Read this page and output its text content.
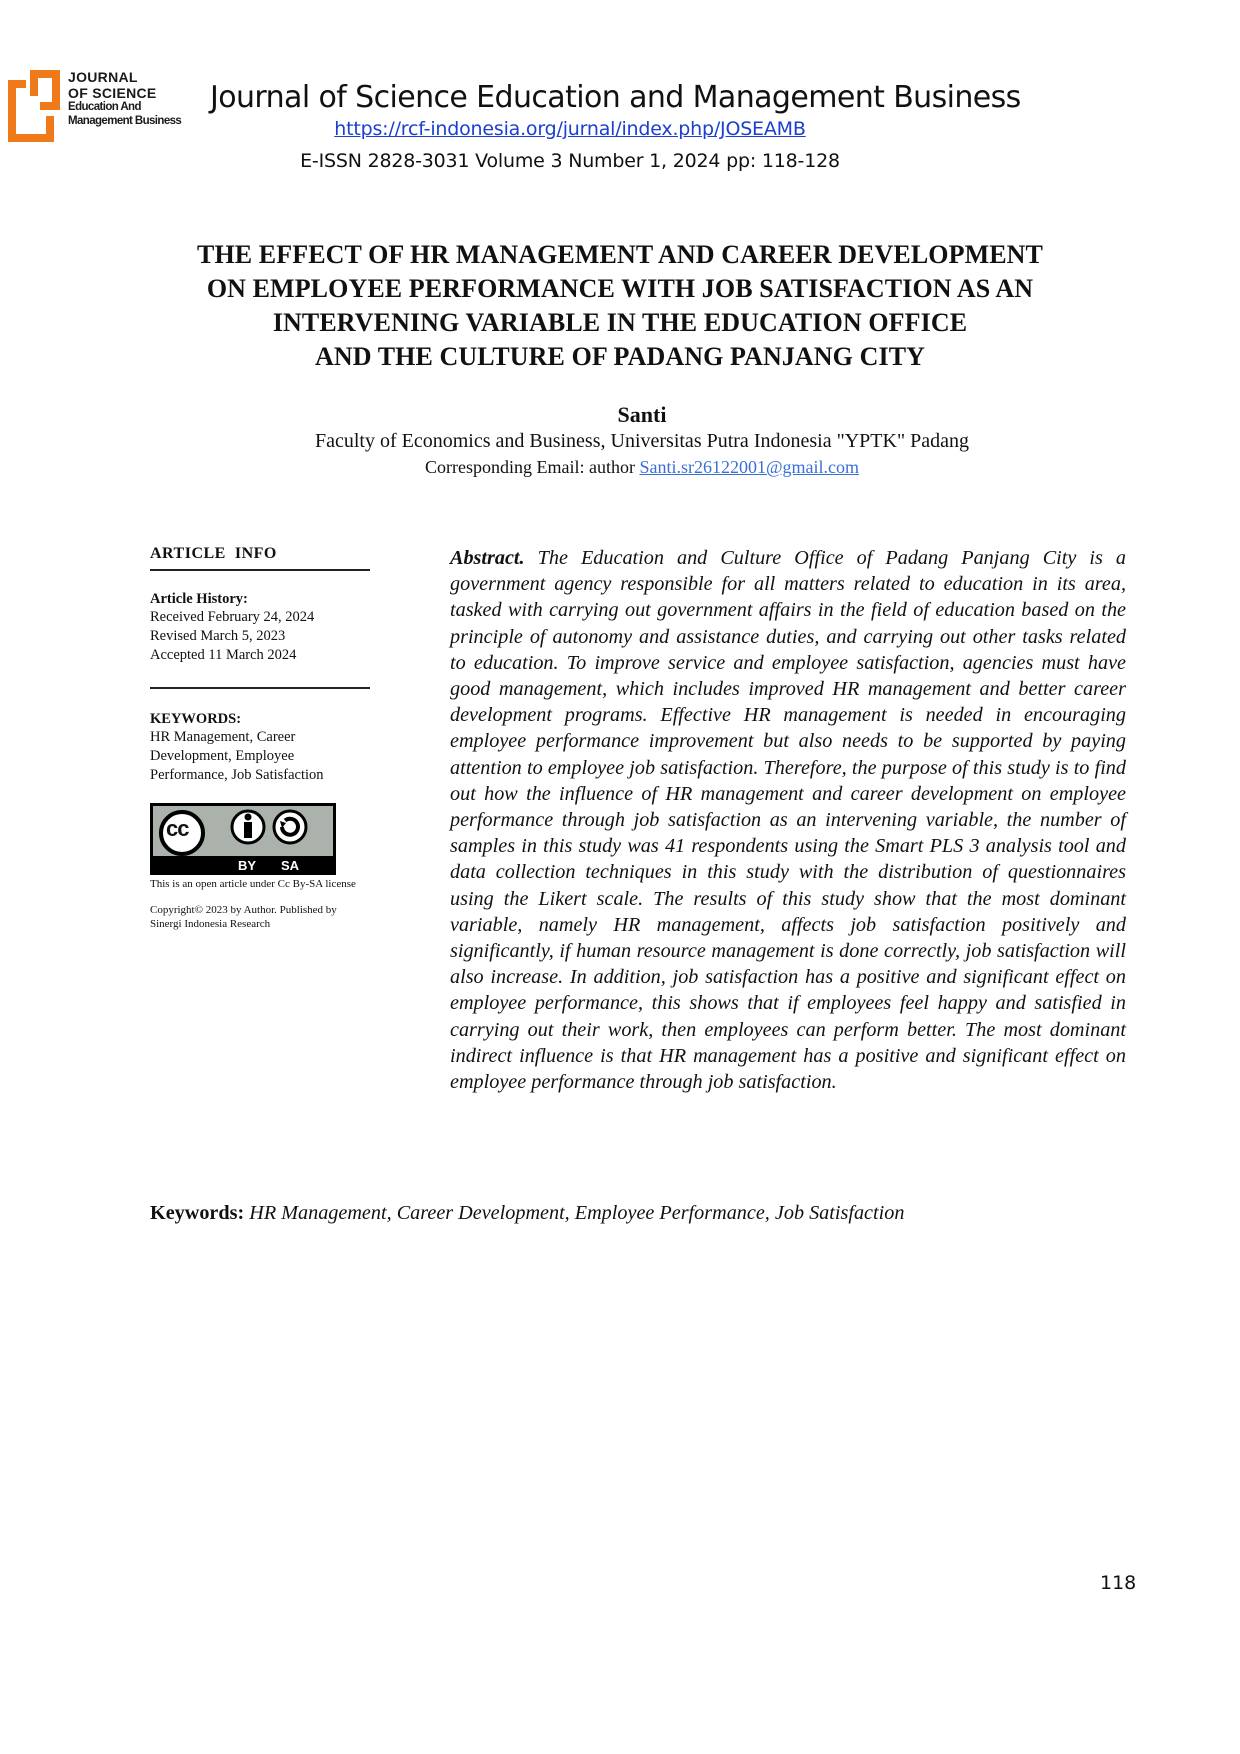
JOURNAL
OF SCIENCE
Education And
Management Business
Journal of Science Education and Management Business
https://rcf-indonesia.org/jurnal/index.php/JOSEAMB
E-ISSN 2828-3031 Volume 3 Number 1, 2024 pp: 118-128
THE EFFECT OF HR MANAGEMENT AND CAREER DEVELOPMENT
ON EMPLOYEE PERFORMANCE WITH JOB SATISFACTION AS AN
INTERVENING VARIABLE IN THE EDUCATION OFFICE
AND THE CULTURE OF PADANG PANJANG CITY
Santi
Faculty of Economics and Business, Universitas Putra Indonesia "YPTK" Padang
Corresponding Email: author Santi.sr26122001@gmail.com
ARTICLE  INFO
Article History:
Received February 24, 2024
Revised March 5, 2023
Accepted 11 March 2024
KEYWORDS:
HR Management, Career Development, Employee Performance, Job Satisfaction
cc
BY SA
This is an open article under Cc By-SA license
Copyright© 2023 by Author. Published by Sinergi Indonesia Research

Abstract. The Education and Culture Office of Padang Panjang City is a government agency responsible for all matters related to education in its area, tasked with carrying out government affairs in the field of education based on the principle of autonomy and assistance duties, and carrying out other tasks related to education. To improve service and employee satisfaction, agencies must have good management, which includes improved HR management and better career development programs. Effective HR management is needed in encouraging employee performance improvement but also needs to be supported by paying attention to employee job satisfaction. Therefore, the purpose of this study is to find out how the influence of HR management and career development on employee performance through job satisfaction as an intervening variable, the number of samples in this study was 41 respondents using the Smart PLS 3 analysis tool and data collection techniques in this study with the distribution of questionnaires using the Likert scale. The results of this study show that the most dominant variable, namely HR management, affects job satisfaction positively and significantly, if human resource management is done correctly, job satisfaction will also increase. In addition, job satisfaction has a positive and significant effect on employee performance, this shows that if employees feel happy and satisfied in carrying out their work, then employees can perform better. The most dominant indirect influence is that HR management has a positive and significant effect on employee performance through job satisfaction.

Keywords: HR Management, Career Development, Employee Performance, Job Satisfaction
118
